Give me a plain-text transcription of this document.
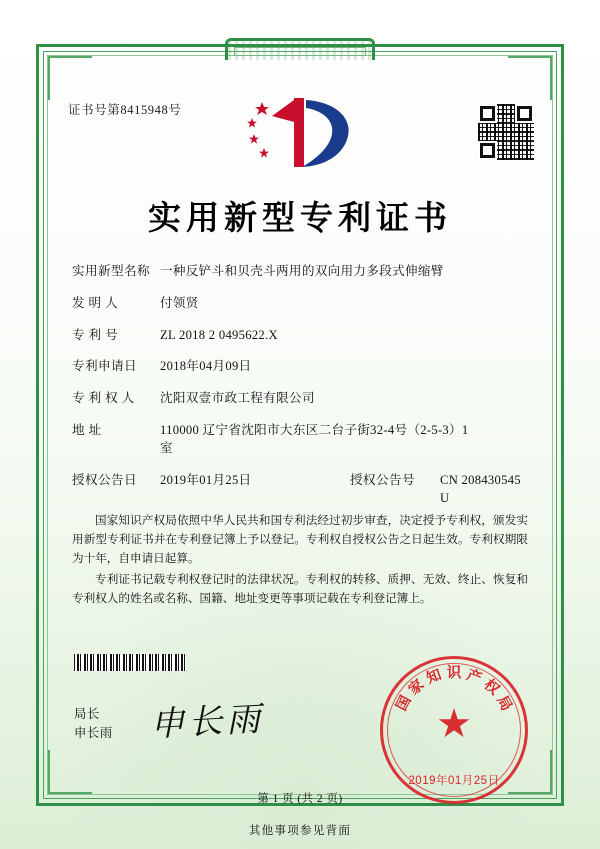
证书号第8415948号
实用新型专利证书
实用新型名称 一种反铲斗和贝壳斗两用的双向用力多段式伸缩臂
发 明 人	付领贤
专 利 号	ZL 2018 2 0495622.X
专利申请日	2018年04月09日
专 利 权 人	沈阳双壹市政工程有限公司
地 址	110000 辽宁省沈阳市大东区二台子街32-4号（2-5-3）1
室
授权公告日	2019年01月25日	授权公告号	CN 208430545 U

国家知识产权局依照中华人民共和国专利法经过初步审查，决定授予专利权，颁发实用新型专利证书并在专利登记簿上予以登记。专利权自授权公告之日起生效。专利权期限为十年，自申请日起算。

专利证书记载专利权登记时的法律状况。专利权的转移、质押、无效、终止、恢复和专利权人的姓名或名称、国籍、地址变更等事项记载在专利登记簿上。

局长
申长雨 申长雨	★
国
家
知 识 产
权
局
2019年01月25日
第 1 页 (共 2 页)
其他事项参见背面
